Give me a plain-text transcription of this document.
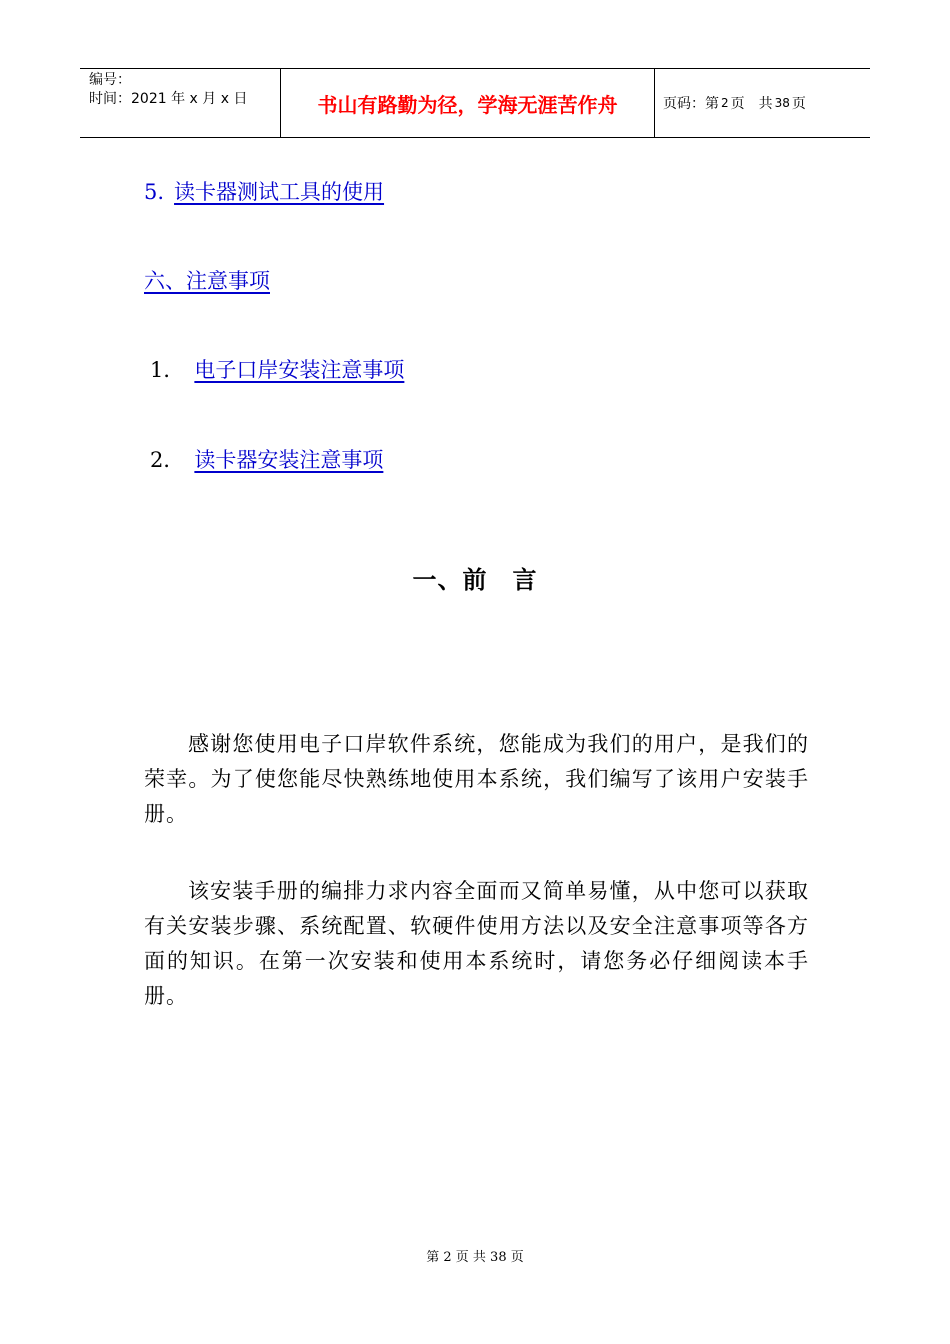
编号：
时间：2021 年 x 月 x 日	书山有路勤为径，学海无涯苦作舟	页码：第 2 页　共 38 页
5. 读卡器测试工具的使用
六、注意事项
1． 电子口岸安装注意事项
2． 读卡器安装注意事项
一、前　言
感谢您使用电子口岸软件系统，您能成为我们的用户，是我们的荣幸。为了使您能尽快熟练地使用本系统，我们编写了该用户安装手册。
该安装手册的编排力求内容全面而又简单易懂，从中您可以获取有关安装步骤、系统配置、软硬件使用方法以及安全注意事项等各方面的知识。在第一次安装和使用本系统时，请您务必仔细阅读本手册。
第 2 页 共 38 页
